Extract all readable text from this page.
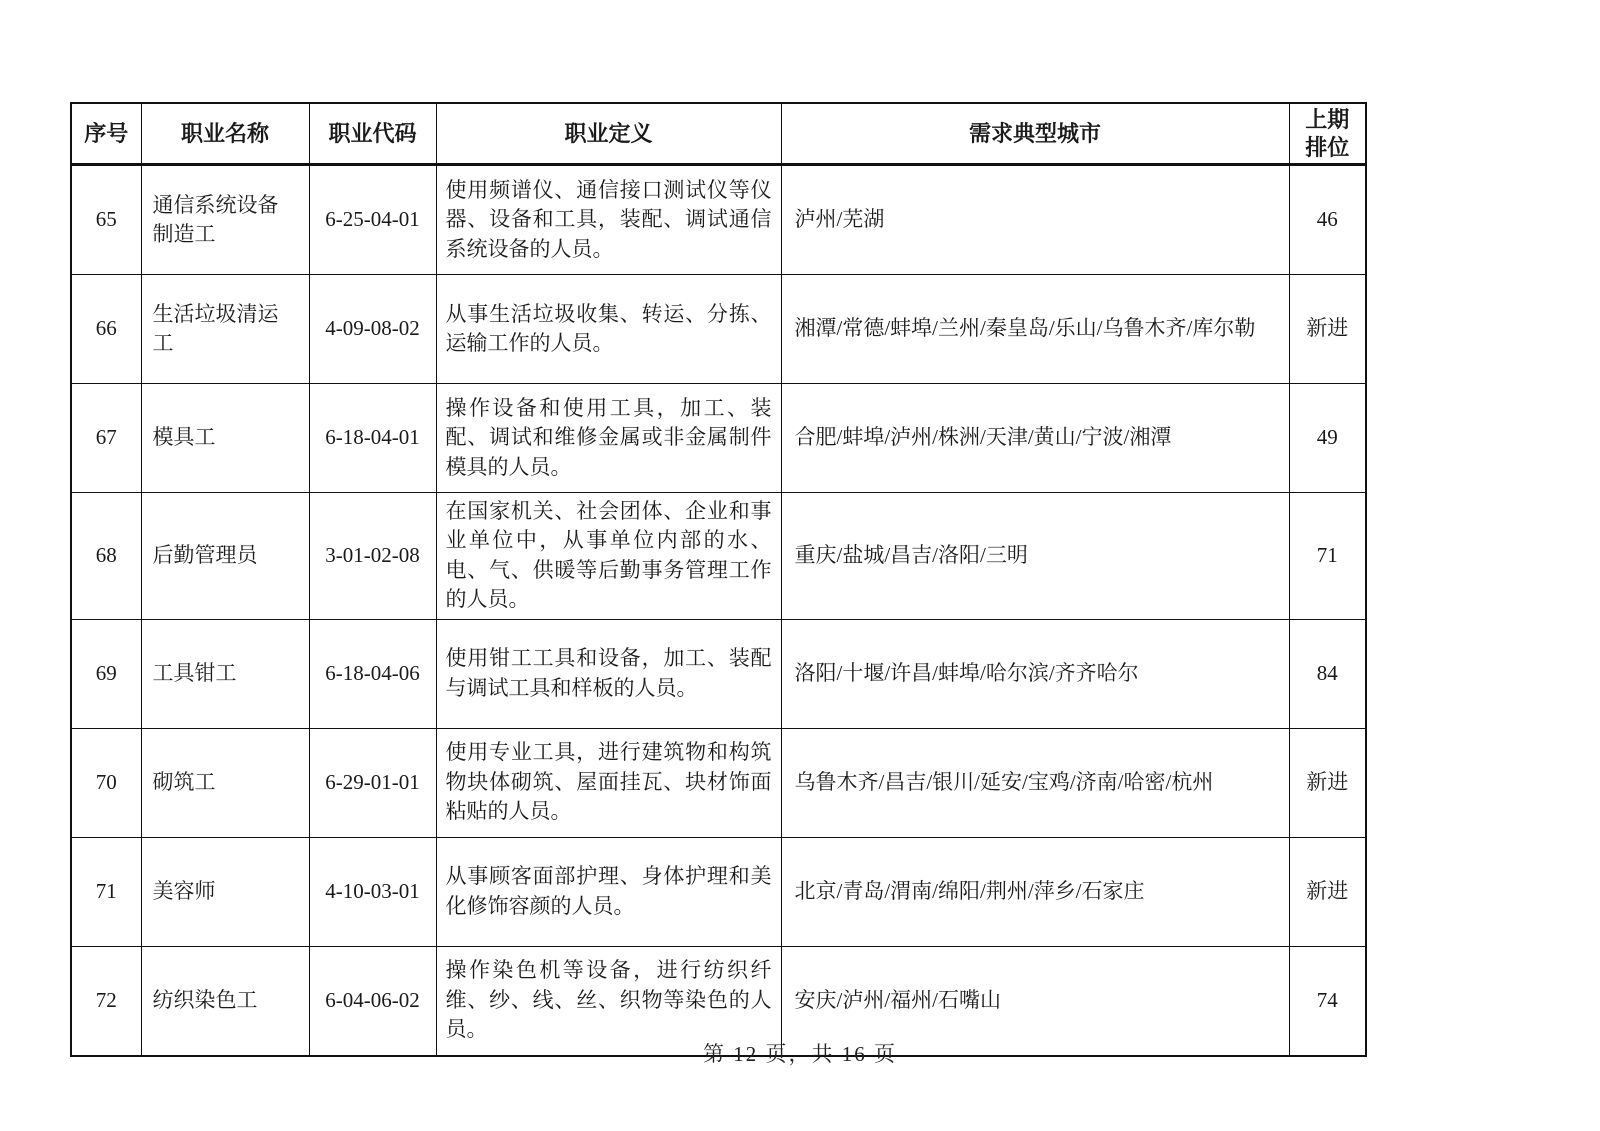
序号	职业名称	职业代码	职业定义	需求典型城市	上期排位
65	通信系统设备制造工	6-25-04-01	使用频谱仪、通信接口测试仪等仪器、设备和工具，装配、调试通信系统设备的人员。	泸州/芜湖	46
66	生活垃圾清运工	4-09-08-02	从事生活垃圾收集、转运、分拣、运输工作的人员。	湘潭/常德/蚌埠/兰州/秦皇岛/乐山/乌鲁木齐/库尔勒	新进
67	模具工	6-18-04-01	操作设备和使用工具，加工、装配、调试和维修金属或非金属制件模具的人员。	合肥/蚌埠/泸州/株洲/天津/黄山/宁波/湘潭	49
68	后勤管理员	3-01-02-08	在国家机关、社会团体、企业和事业单位中，从事单位内部的水、电、气、供暖等后勤事务管理工作的人员。	重庆/盐城/昌吉/洛阳/三明	71
69	工具钳工	6-18-04-06	使用钳工工具和设备，加工、装配与调试工具和样板的人员。	洛阳/十堰/许昌/蚌埠/哈尔滨/齐齐哈尔	84
70	砌筑工	6-29-01-01	使用专业工具，进行建筑物和构筑物块体砌筑、屋面挂瓦、块材饰面粘贴的人员。	乌鲁木齐/昌吉/银川/延安/宝鸡/济南/哈密/杭州	新进
71	美容师	4-10-03-01	从事顾客面部护理、身体护理和美化修饰容颜的人员。	北京/青岛/渭南/绵阳/荆州/萍乡/石家庄	新进
72	纺织染色工	6-04-06-02	操作染色机等设备，进行纺织纤维、纱、线、丝、织物等染色的人员。	安庆/泸州/福州/石嘴山	74
第 12 页，共 16 页
